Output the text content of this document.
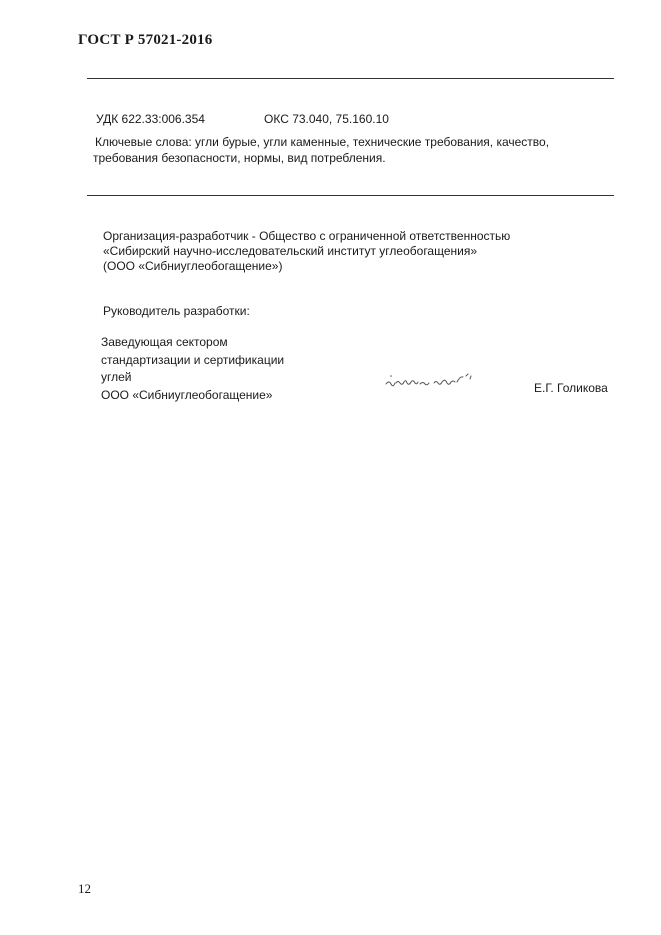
ГОСТ Р 57021-2016
УДК 622.33:006.354	ОКС 73.040, 75.160.10
Ключевые слова: угли бурые, угли каменные, технические требования, качество,
требования безопасности, нормы, вид потребления.
Организация-разработчик - Общество с ограниченной ответственностью
«Сибирский научно-исследовательский институт углеобогащения»
(ООО «Сибниуглеобогащение»)
Руководитель разработки:
Заведующая сектором
стандартизации и сертификации
углей
ООО «Сибниуглеобогащение»	Е.Г. Голикова
12
